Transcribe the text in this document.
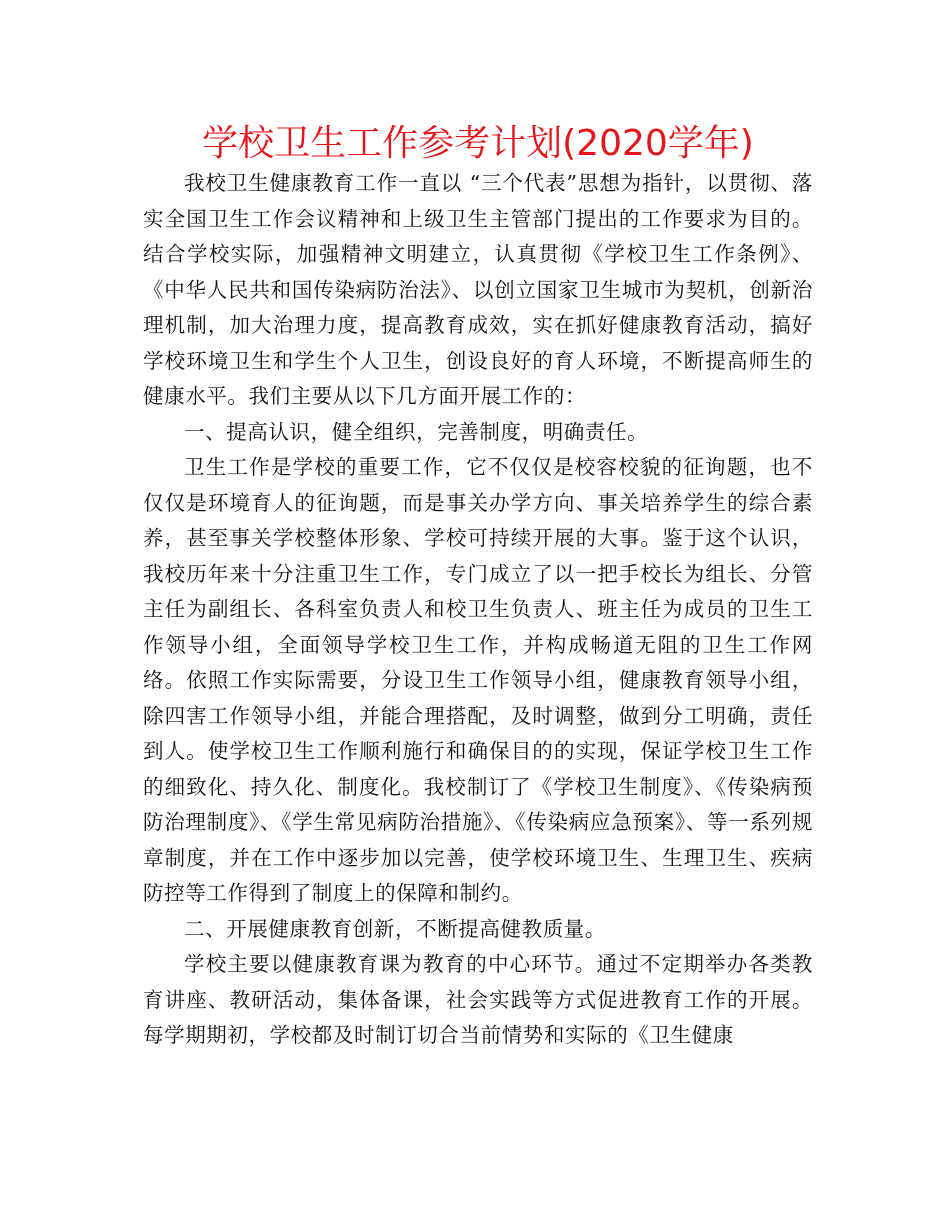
学校卫生工作参考计划(2020学年)

我校卫生健康教育工作一直以 “三个代表”思想为指针，以贯彻、落实全国卫生工作会议精神和上级卫生主管部门提出的工作要求为目的。结合学校实际，加强精神文明建立，认真贯彻《学校卫生工作条例》、《中华人民共和国传染病防治法》、以创立国家卫生城市为契机，创新治理机制，加大治理力度，提高教育成效，实在抓好健康教育活动，搞好学校环境卫生和学生个人卫生，创设良好的育人环境，不断提高师生的健康水平。我们主要从以下几方面开展工作的：

一、提高认识，健全组织，完善制度，明确责任。

卫生工作是学校的重要工作，它不仅仅是校容校貌的征询题，也不仅仅是环境育人的征询题，而是事关办学方向、事关培养学生的综合素养，甚至事关学校整体形象、学校可持续开展的大事。鉴于这个认识，我校历年来十分注重卫生工作，专门成立了以一把手校长为组长、分管主任为副组长、各科室负责人和校卫生负责人、班主任为成员的卫生工作领导小组，全面领导学校卫生工作，并构成畅道无阻的卫生工作网络。依照工作实际需要，分设卫生工作领导小组，健康教育领导小组，除四害工作领导小组，并能合理搭配，及时调整，做到分工明确，责任到人。使学校卫生工作顺利施行和确保目的的实现，保证学校卫生工作的细致化、持久化、制度化。我校制订了《学校卫生制度》、《传染病预防治理制度》、《学生常见病防治措施》、《传染病应急预案》、等一系列规章制度，并在工作中逐步加以完善，使学校环境卫生、生理卫生、疾病防控等工作得到了制度上的保障和制约。

二、开展健康教育创新，不断提高健教质量。

学校主要以健康教育课为教育的中心环节。通过不定期举办各类教育讲座、教研活动，集体备课，社会实践等方式促进教育工作的开展。每学期期初，学校都及时制订切合当前情势和实际的《卫生健康
